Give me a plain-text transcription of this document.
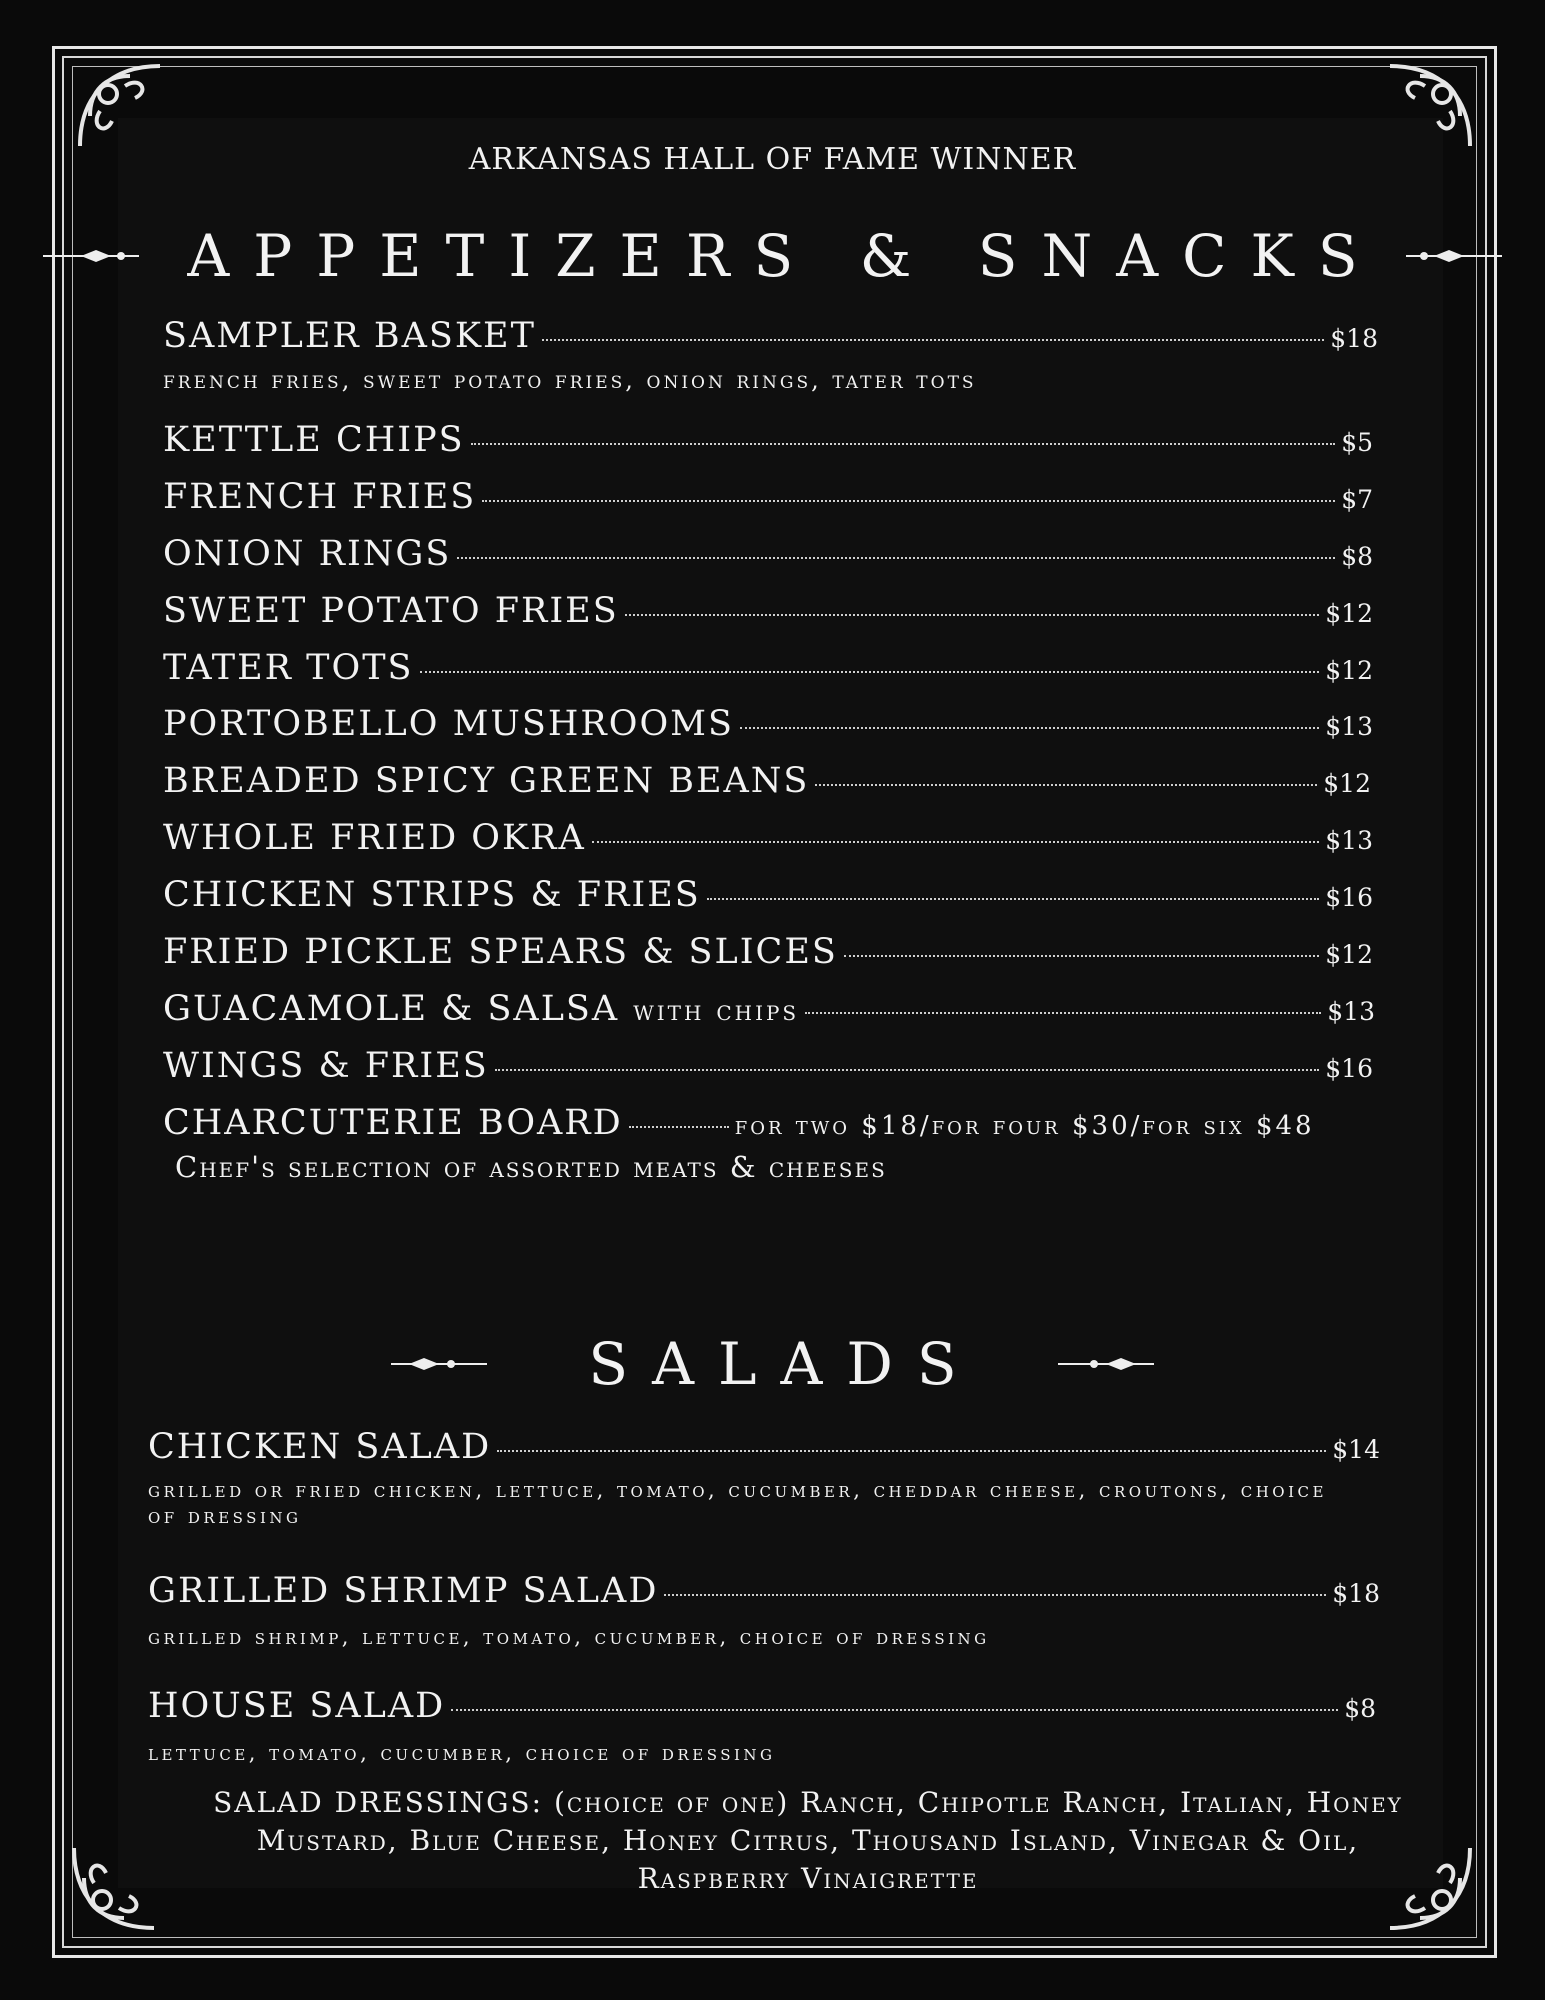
ARKANSAS HALL OF FAME WINNER
APPETIZERS & SNACKS
SAMPLER BASKET	$18
french fries, sweet potato fries, onion rings, tater tots
KETTLE CHIPS	$5
FRENCH FRIES	$7
ONION RINGS	$8
SWEET POTATO FRIES	$12
TATER TOTS	$12
PORTOBELLO MUSHROOMS	$13
BREADED SPICY GREEN BEANS	$12
WHOLE FRIED OKRA	$13
CHICKEN STRIPS & FRIES	$16
FRIED PICKLE SPEARS & SLICES	$12
GUACAMOLE & SALSA with chips	$13
WINGS & FRIES	$16
CHARCUTERIE BOARD	for two $18/for four $30/for six $48
Chef's selection of assorted meats & cheeses
SALADS
CHICKEN SALAD	$14
grilled or fried chicken, lettuce, tomato, cucumber, cheddar cheese, croutons, choice of dressing
GRILLED SHRIMP SALAD	$18
grilled shrimp, lettuce, tomato, cucumber, choice of dressing
HOUSE SALAD	$8
lettuce, tomato, cucumber, choice of dressing
SALAD DRESSINGS: (choice of one) Ranch, Chipotle Ranch, Italian, Honey Mustard, Blue Cheese, Honey Citrus, Thousand Island, Vinegar & Oil, Raspberry Vinaigrette
